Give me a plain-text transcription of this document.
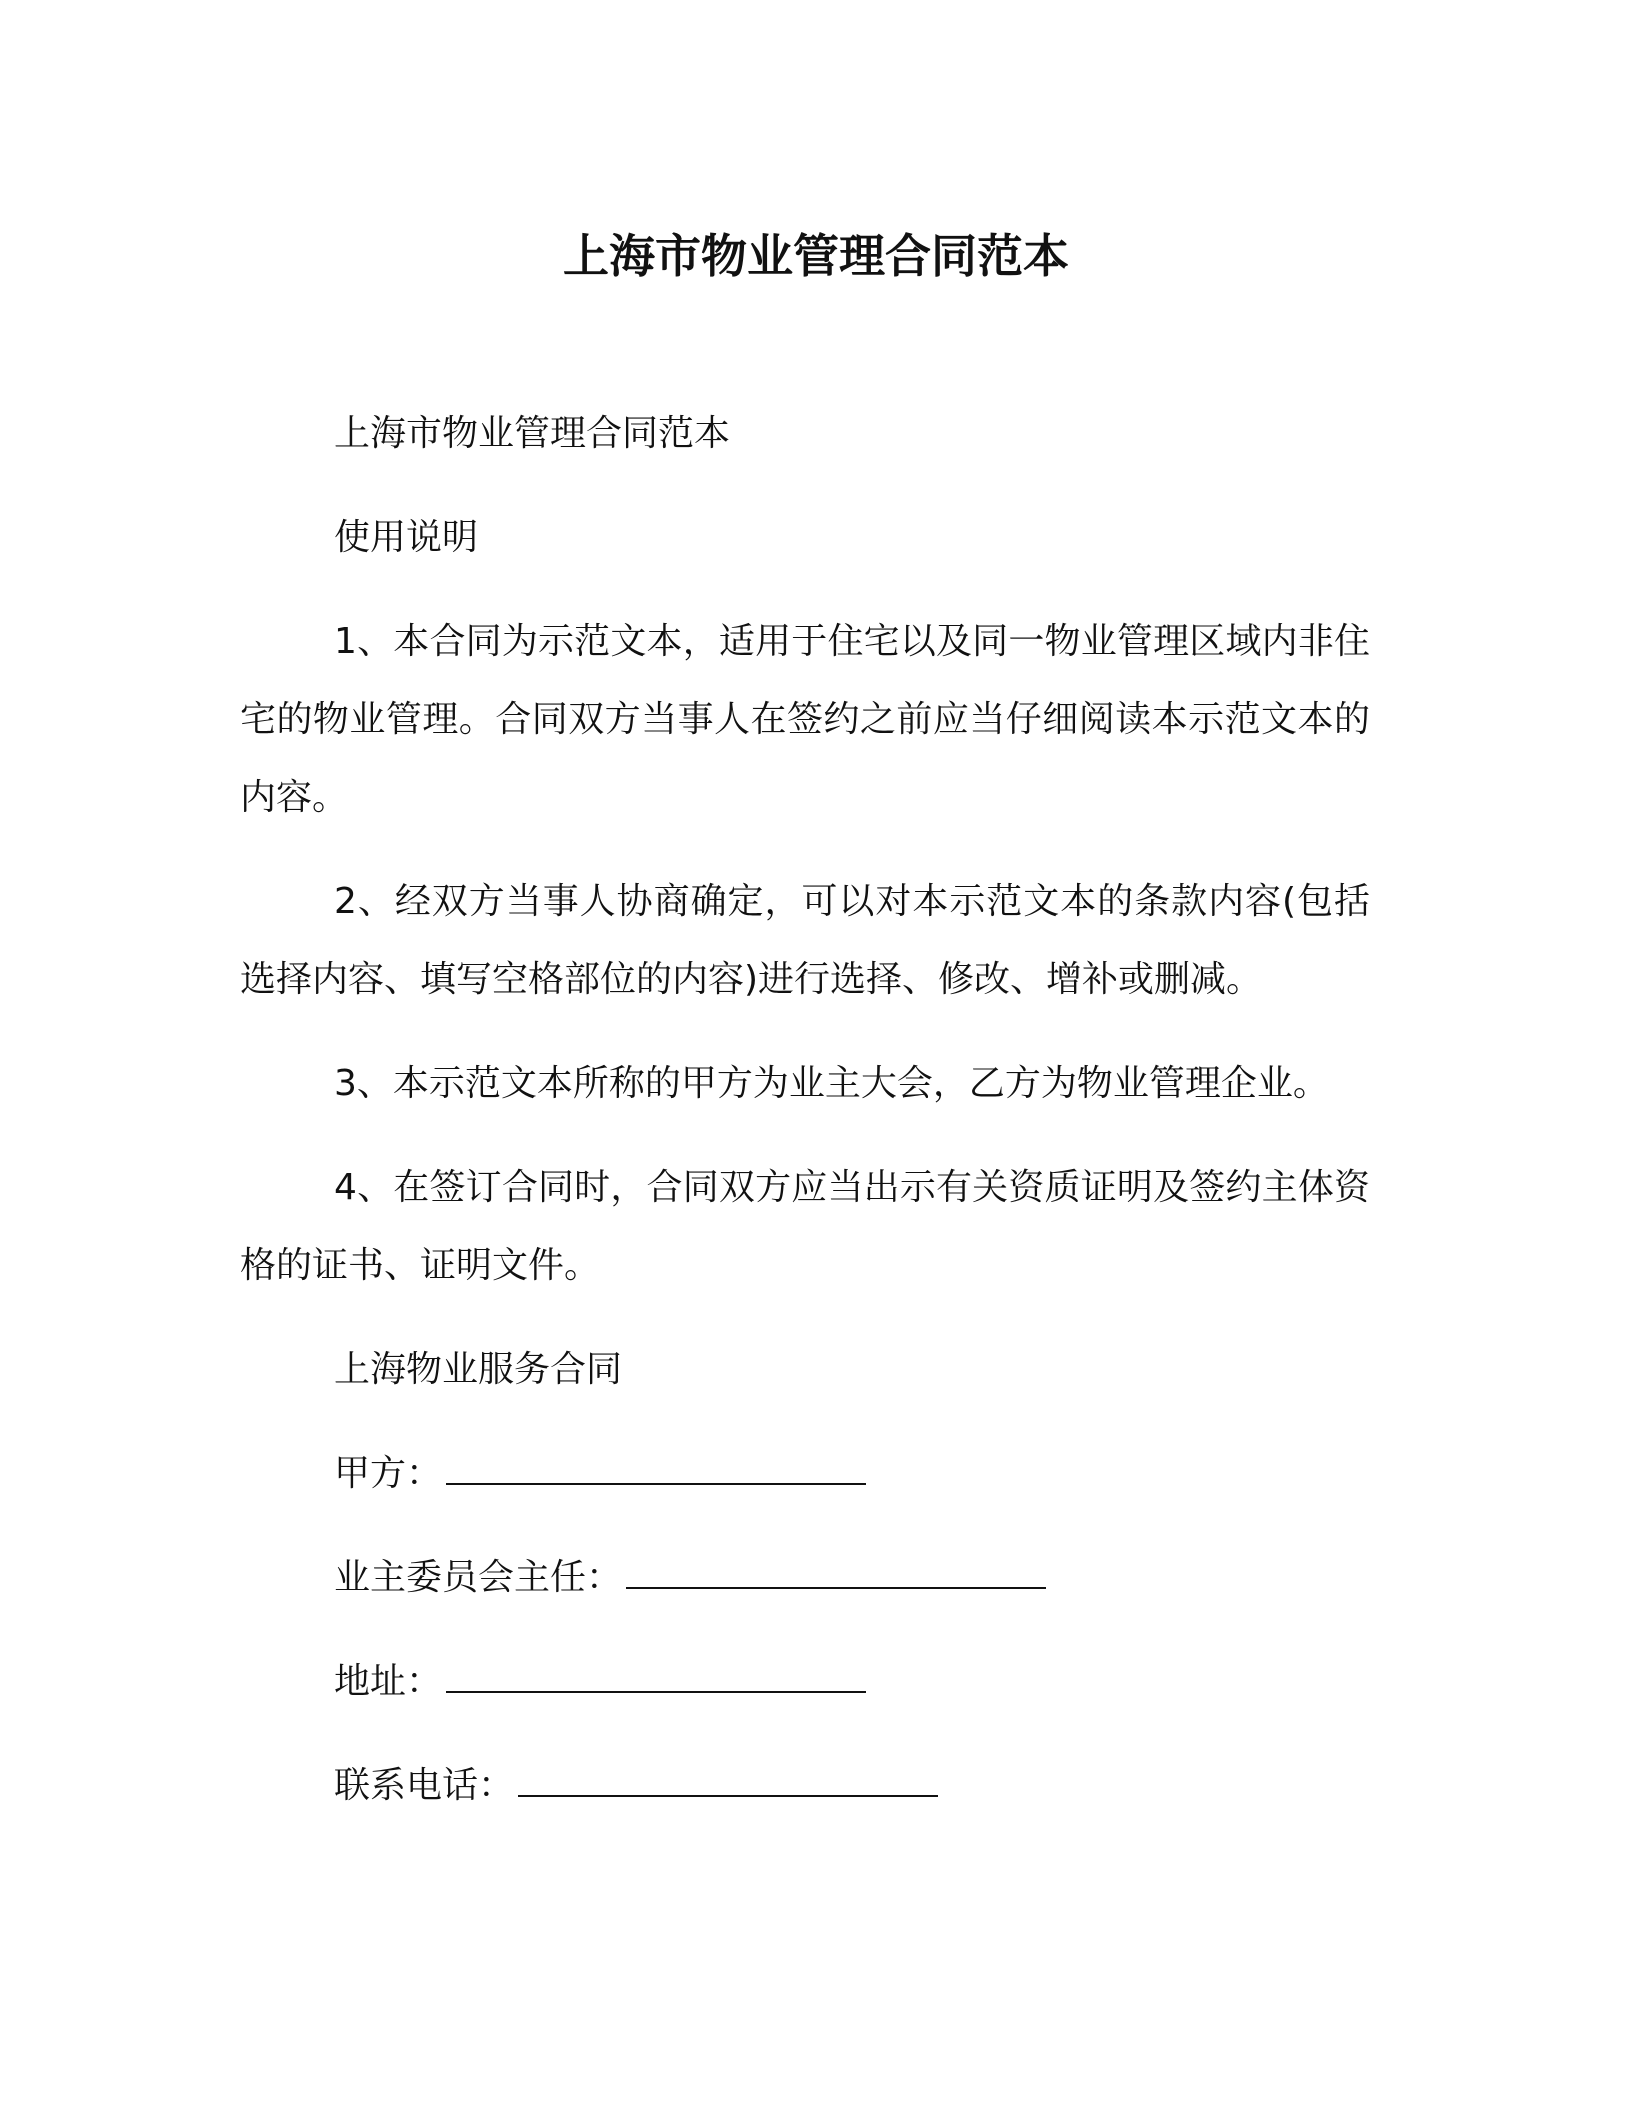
上海市物业管理合同范本

上海市物业管理合同范本

使用说明

1、本合同为示范文本，适用于住宅以及同一物业管理区域内非住宅的物业管理。合同双方当事人在签约之前应当仔细阅读本示范文本的内容。

2、经双方当事人协商确定，可以对本示范文本的条款内容(包括选择内容、填写空格部位的内容)进行选择、修改、增补或删减。

3、本示范文本所称的甲方为业主大会，乙方为物业管理企业。

4、在签订合同时，合同双方应当出示有关资质证明及签约主体资格的证书、证明文件。

上海物业服务合同

甲方：

业主委员会主任：

地址：

联系电话：
